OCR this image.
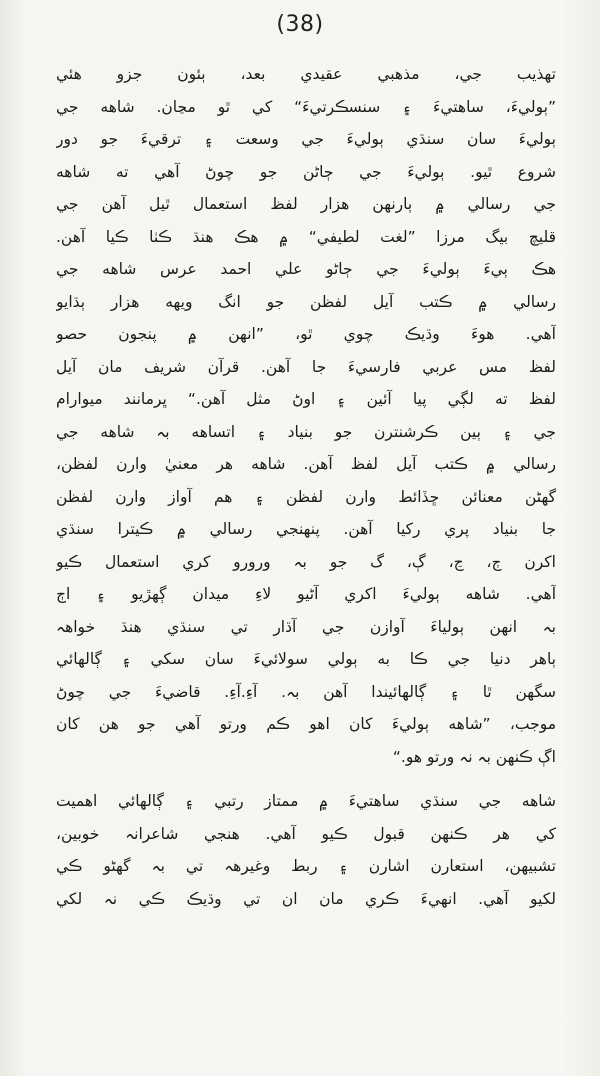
(38)
تهذيب جي، مذهبي عقيدي بعد، ٻئون جزو هئي
”ٻوليءَ، ساهتيءَ ۽ سنسڪرتيءَ“ کي ٿو مڃان. شاهه جي
ٻوليءَ سان سنڌي ٻوليءَ جي وسعت ۽ ترقيءَ جو دور
شروع ٿيو. ٻوليءَ جي ڄاڻن جو چوڻ آهي ته شاهه
جي رسالي ۾ ٻارنهن هزار لفظ استعمال ٿيل آهن جي
قليچ بيگ مرزا ”لغت لطيفي“ ۾ هڪ هنڌ ڪٺا ڪيا آهن.
هڪ ٻيءَ ٻوليءَ جي ڄاڻو علي احمد عرس شاهه جي
رسالي ۾ ڪتب آيل لفظن جو انگ ويهه هزار ٻڌايو
آهي. هوءَ وڌيڪ چوي ٿو، ”انهن ۾ پنجون حصو
لفظ مس عربي فارسيءَ جا آهن. قرآن شريف مان آيل
لفظ ته لڳي پيا آئين ۽ اوڻ مثل آهن.“ ڀرمانند ميوارام
جي ۽ ٻين ڪرشنترن جو بنياد ۽ اتساهه بہ شاهه جي
رسالي ۾ ڪتب آيل لفظ آهن. شاهه هر معنيٰ وارن لفظن،
گهڻن معنائن ڇڏائط وارن لفظن ۽ هم آواز وارن لفظن
جا بنياد پري رکيا آهن. پنهنجي رسالي ۾ ڪيترا سنڌي
اکرن ڄ، ڃ، ڳ، گ جو بہ ورورو کري استعمال ڪيو
آهي. شاهه ٻوليءَ اکري آڻيو لاءِ ميدان ڳهڙيو ۽ اڄ
بہ انهن ٻولياءَ آوازن جي آڌار تي سنڌي هنڌ خواهہ
ٻاهر دنيا جي ڪا به ٻولي سولائيءَ سان سکي ۽ ڳالهائي
سگهن ٿا ۽ ڳالهائيندا آهن بہ. آءِ.آءِ. قاضيءَ جي چوڻ
موجب، ”شاهه ٻوليءَ کان اهو ڪم ورتو آهي جو هن کان
اڳ ڪنهن بہ نہ ورتو هو.“
شاهه جي سنڌي ساهتيءَ ۾ ممتاز رتبي ۽ ڳالهائي اهميت
کي هر ڪنهن قبول ڪيو آهي. هنجي شاعرانہ خوبين،
تشبيهن، استعارن اشارن ۽ ربط وغيرهہ تي بہ گهڻو ڪي
لکيو آهي. انهيءَ ڪري مان ان تي وڌيڪ ڪي نہ لکي
